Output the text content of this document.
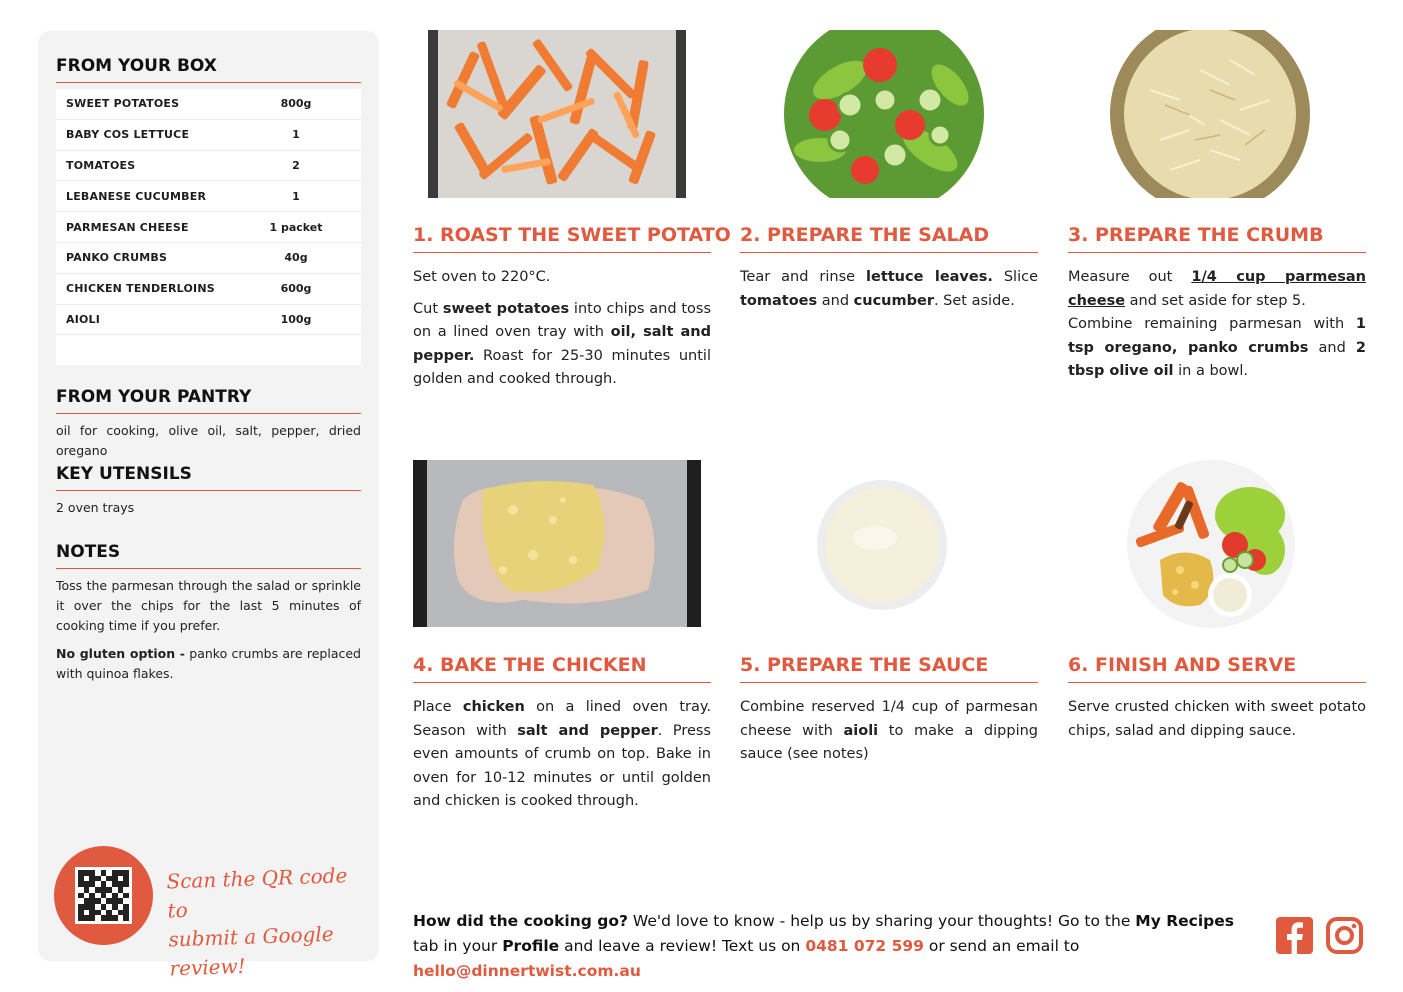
FROM YOUR BOX
SWEET POTATOES	800g
BABY COS LETTUCE	1
TOMATOES	2
LEBANESE CUCUMBER	1
PARMESAN CHEESE	1 packet
PANKO CRUMBS	40g
CHICKEN TENDERLOINS	600g
AIOLI	100g
FROM YOUR PANTRY
oil for cooking, olive oil, salt, pepper, dried oregano
KEY UTENSILS
2 oven trays
NOTES
Toss the parmesan through the salad or sprinkle it over the chips for the last 5 minutes of cooking time if you prefer.
No gluten option - panko crumbs are replaced with quinoa flakes.
Scan the QR code to
submit a Google review!
1. ROAST THE SWEET POTATO

Set oven to 220°C.

Cut sweet potatoes into chips and toss on a lined oven tray with oil, salt and pepper. Roast for 25-30 minutes until golden and cooked through.

2. PREPARE THE SALAD

Tear and rinse lettuce leaves. Slice tomatoes and cucumber. Set aside.

3. PREPARE THE CRUMB

Measure out 1/4 cup parmesan cheese and set aside for step 5.

Combine remaining parmesan with 1 tsp oregano, panko crumbs and 2 tbsp olive oil in a bowl.

4. BAKE THE CHICKEN

Place chicken on a lined oven tray. Season with salt and pepper. Press even amounts of crumb on top. Bake in oven for 10-12 minutes or until golden and chicken is cooked through.

5. PREPARE THE SAUCE

Combine reserved 1/4 cup of parmesan cheese with aioli to make a dipping sauce (see notes)

6. FINISH AND SERVE

Serve crusted chicken with sweet potato chips, salad and dipping sauce.

How did the cooking go? We'd love to know - help us by sharing your thoughts! Go to the My Recipes tab in your Profile and leave a review! Text us on 0481 072 599 or send an email to hello@dinnertwist.com.au
